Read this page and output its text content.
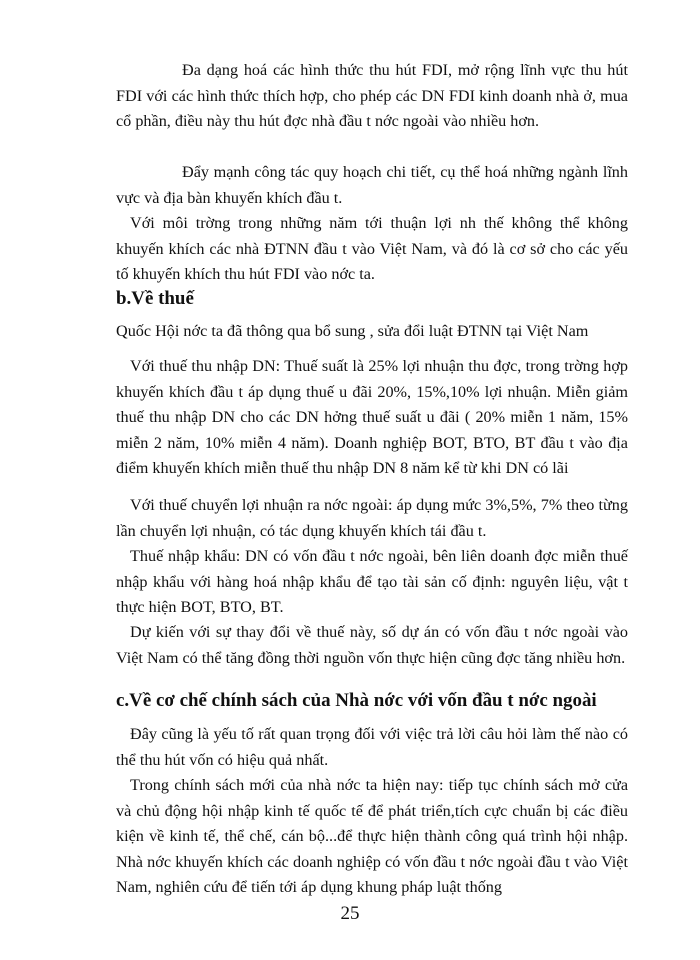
Đa dạng hoá các hình thức thu hút FDI, mở rộng lĩnh vực thu hút FDI với các hình thức thích hợp, cho phép các DN FDI kinh doanh nhà ở, mua cổ phần, điều này thu hút đợc nhà đầu t nớc ngoài vào nhiều hơn.

Đẩy mạnh công tác quy hoạch chi tiết, cụ thể hoá những ngành lĩnh vực và địa bàn khuyến khích đầu t.

Với môi trờng trong những năm tới thuận lợi nh thế không thể không khuyến khích các nhà ĐTNN đầu t vào Việt Nam, và đó là cơ sở cho các yếu tố khuyến khích thu hút FDI vào nớc ta.

b.Về thuế

Quốc Hội nớc ta đã thông qua bổ sung , sửa đổi luật ĐTNN tại Việt Nam

Với thuế thu nhập DN: Thuế suất là 25% lợi nhuận thu đợc, trong trờng hợp khuyến khích đầu t áp dụng thuế u đãi 20%, 15%,10% lợi nhuận. Miễn giảm thuế thu nhập DN cho các DN hởng thuế suất u đãi ( 20% miễn 1 năm, 15% miễn 2 năm, 10% miễn 4 năm). Doanh nghiệp BOT, BTO, BT đầu t vào địa điểm khuyến khích miễn thuế thu nhập DN 8 năm kể từ khi DN có lãi

Với thuế chuyển lợi nhuận ra nớc ngoài: áp dụng mức 3%,5%, 7% theo từng lần chuyển lợi nhuận, có tác dụng khuyến khích tái đầu t.

Thuế nhập khẩu: DN có vốn đầu t nớc ngoài, bên liên doanh đợc miễn thuế nhập khẩu với hàng hoá nhập khẩu để tạo tài sản cố định: nguyên liệu, vật t thực hiện BOT, BTO, BT.

Dự kiến với sự thay đổi về thuế này, số dự án có vốn đầu t nớc ngoài vào Việt Nam có thể tăng đồng thời nguồn vốn thực hiện cũng đợc tăng nhiều hơn.

c.Về cơ chế chính sách của Nhà nớc với vốn đầu t nớc ngoài

Đây cũng là yếu tố rất quan trọng đối với việc trả lời câu hỏi làm thế nào có thể thu hút vốn có hiệu quả nhất.

Trong chính sách mới của nhà nớc ta hiện nay: tiếp tục chính sách mở cửa và chủ động hội nhập kinh tế quốc tế để phát triển,tích cực chuẩn bị các điều kiện về kinh tế, thể chế, cán bộ...để thực hiện thành công quá trình hội nhập. Nhà nớc khuyến khích các doanh nghiệp có vốn đầu t nớc ngoài đầu t vào Việt Nam, nghiên cứu để tiến tới áp dụng khung pháp luật thống

25
